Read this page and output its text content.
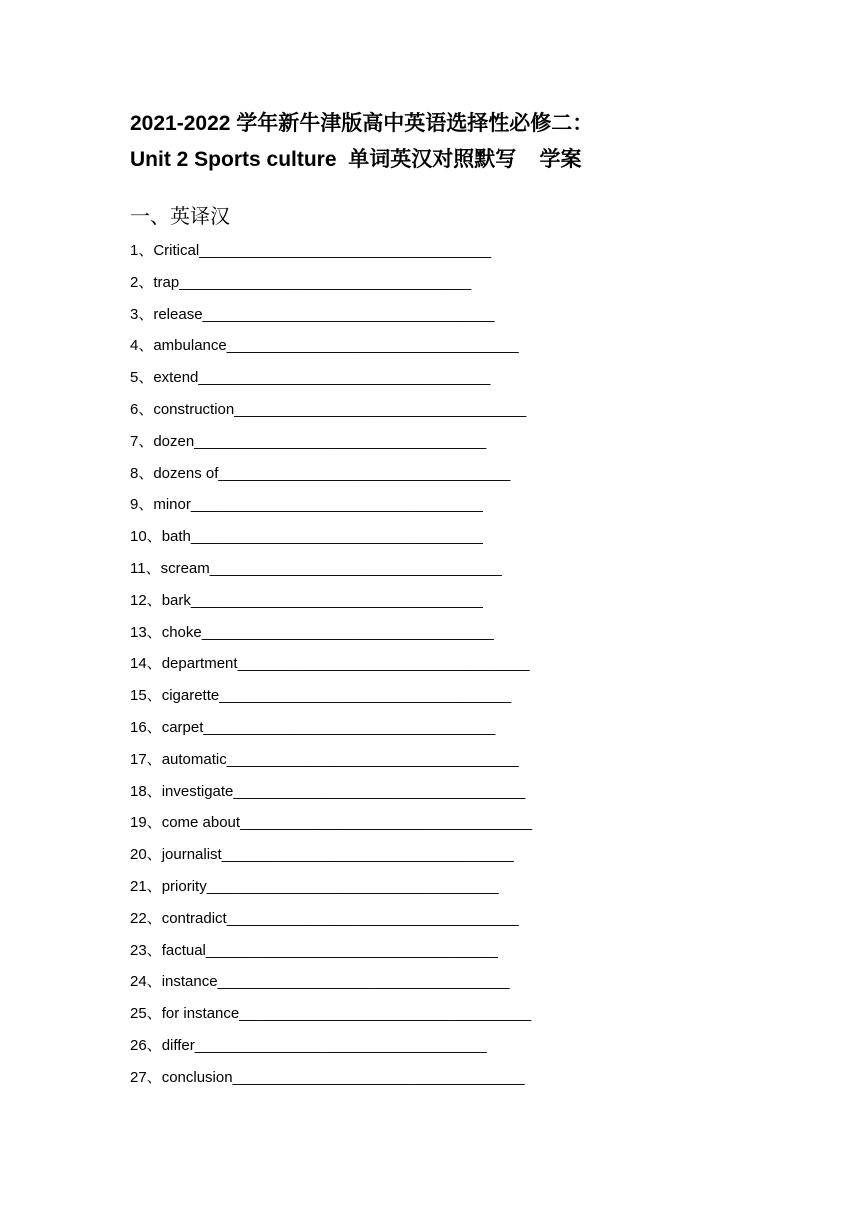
2021-2022 学年新牛津版高中英语选择性必修二：
Unit 2 Sports culture  单词英汉对照默写    学案
一、英译汉
1、Critical___________________________________
2、trap___________________________________
3、release___________________________________
4、ambulance___________________________________
5、extend___________________________________
6、construction___________________________________
7、dozen___________________________________
8、dozens of___________________________________
9、minor___________________________________
10、bath___________________________________
11、scream___________________________________
12、bark___________________________________
13、choke___________________________________
14、department___________________________________
15、cigarette___________________________________
16、carpet___________________________________
17、automatic___________________________________
18、investigate___________________________________
19、come about___________________________________
20、journalist___________________________________
21、priority___________________________________
22、contradict___________________________________
23、factual___________________________________
24、instance___________________________________
25、for instance___________________________________
26、differ___________________________________
27、conclusion___________________________________
